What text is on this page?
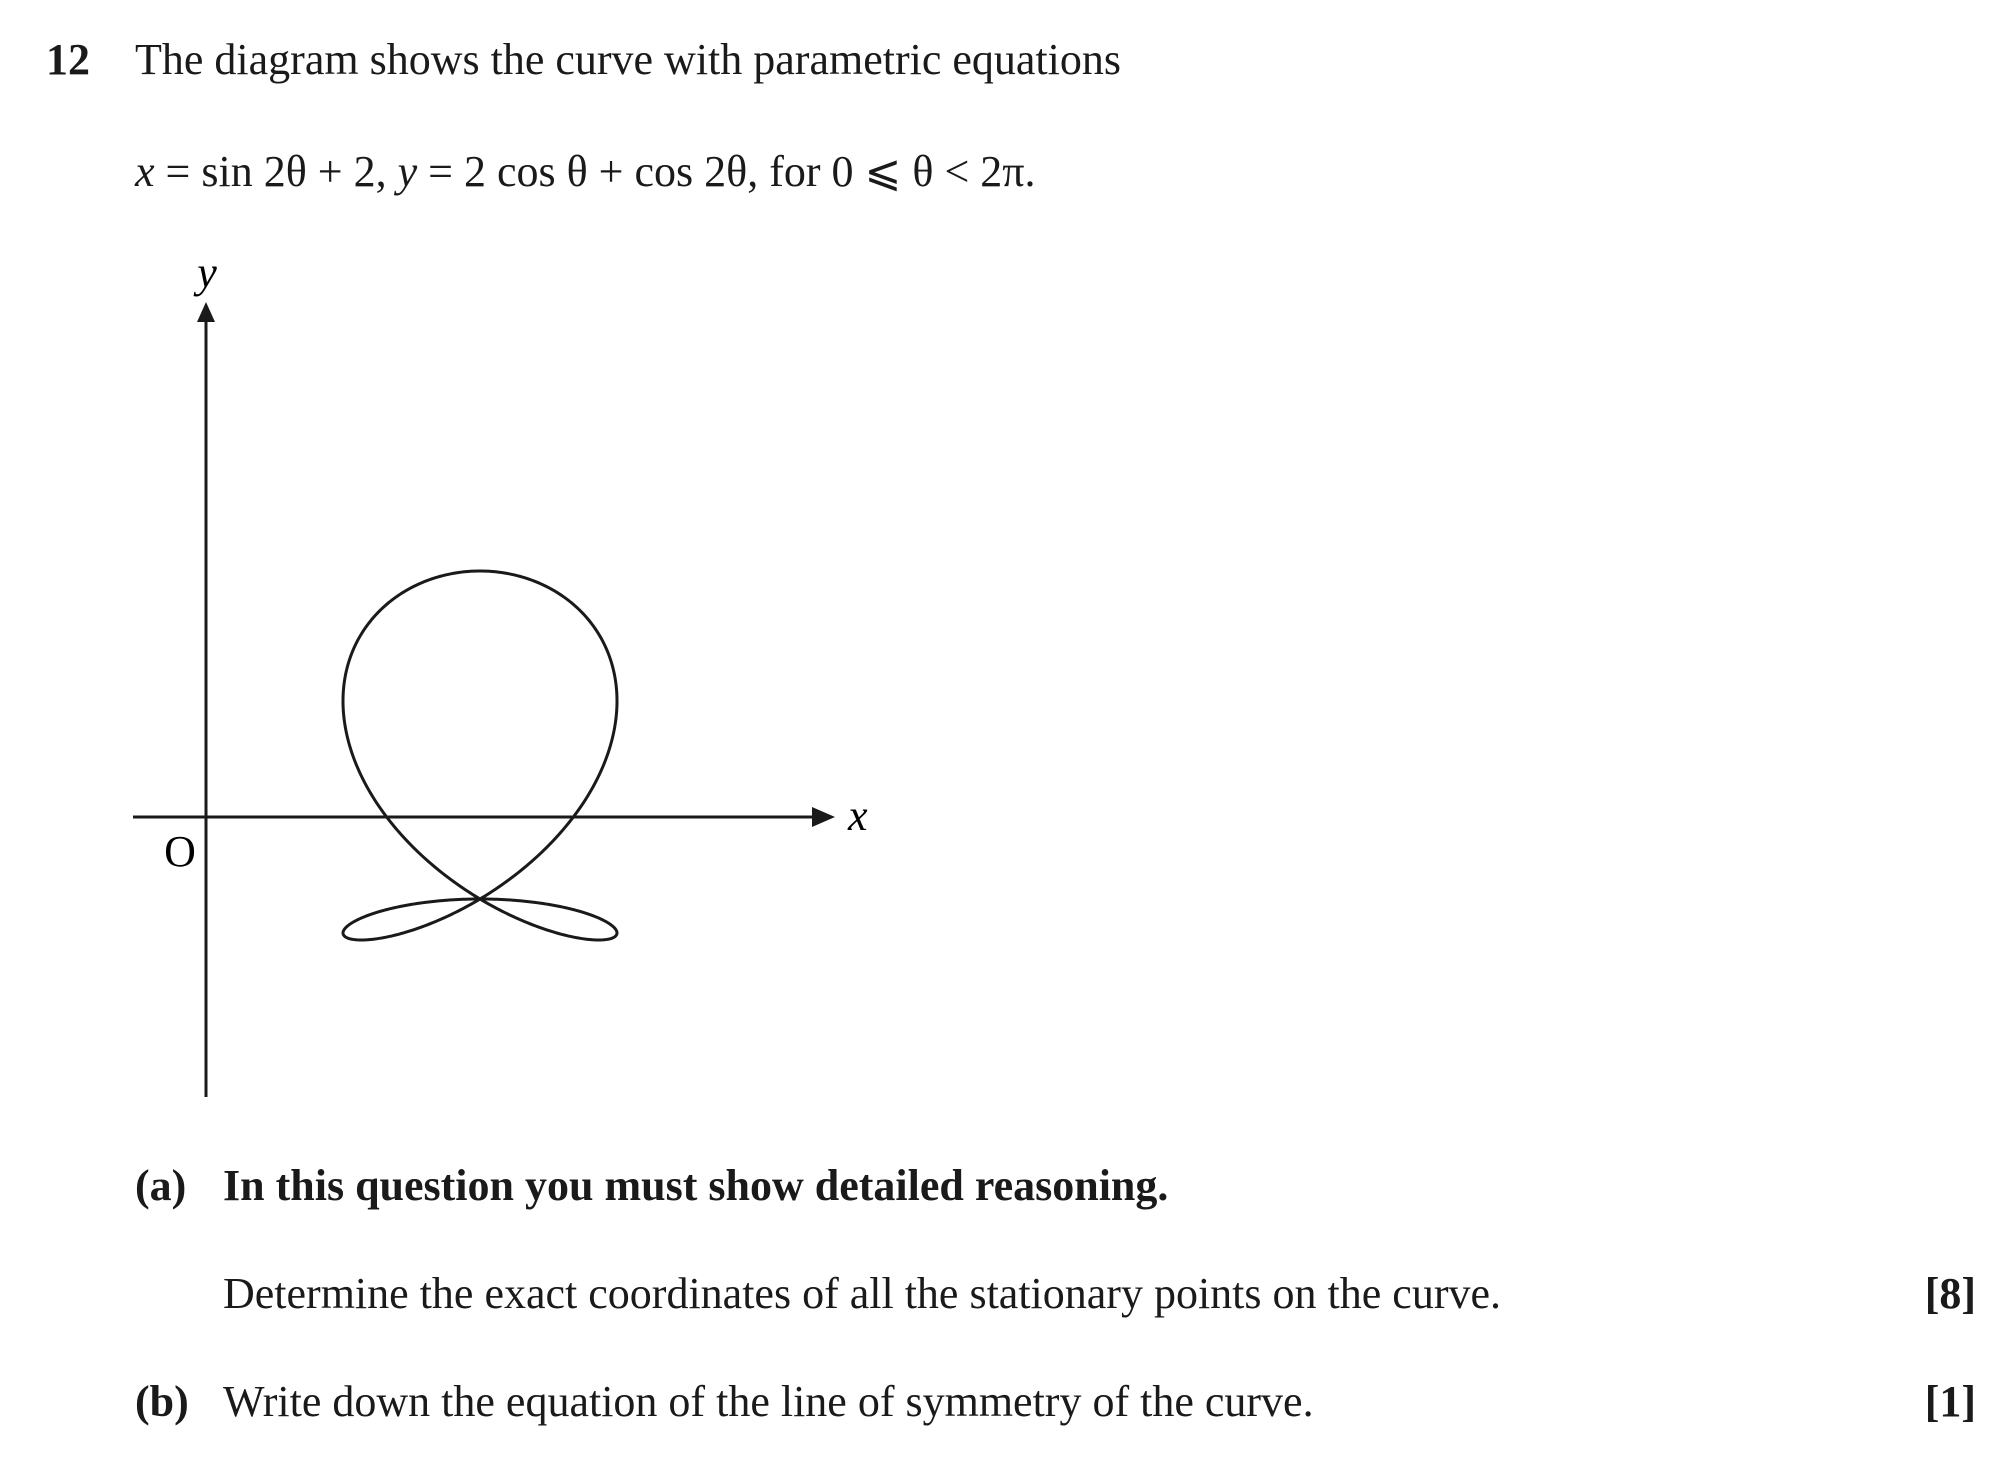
12 The diagram shows the curve with parametric equations
x = sin 2θ + 2, y = 2 cos θ + cos 2θ, for 0 ⩽ θ < 2π.
y
x
O
(a) In this question you must show detailed reasoning.
Determine the exact coordinates of all the stationary points on the curve.	[8]
(b) Write down the equation of the line of symmetry of the curve.	[1]
